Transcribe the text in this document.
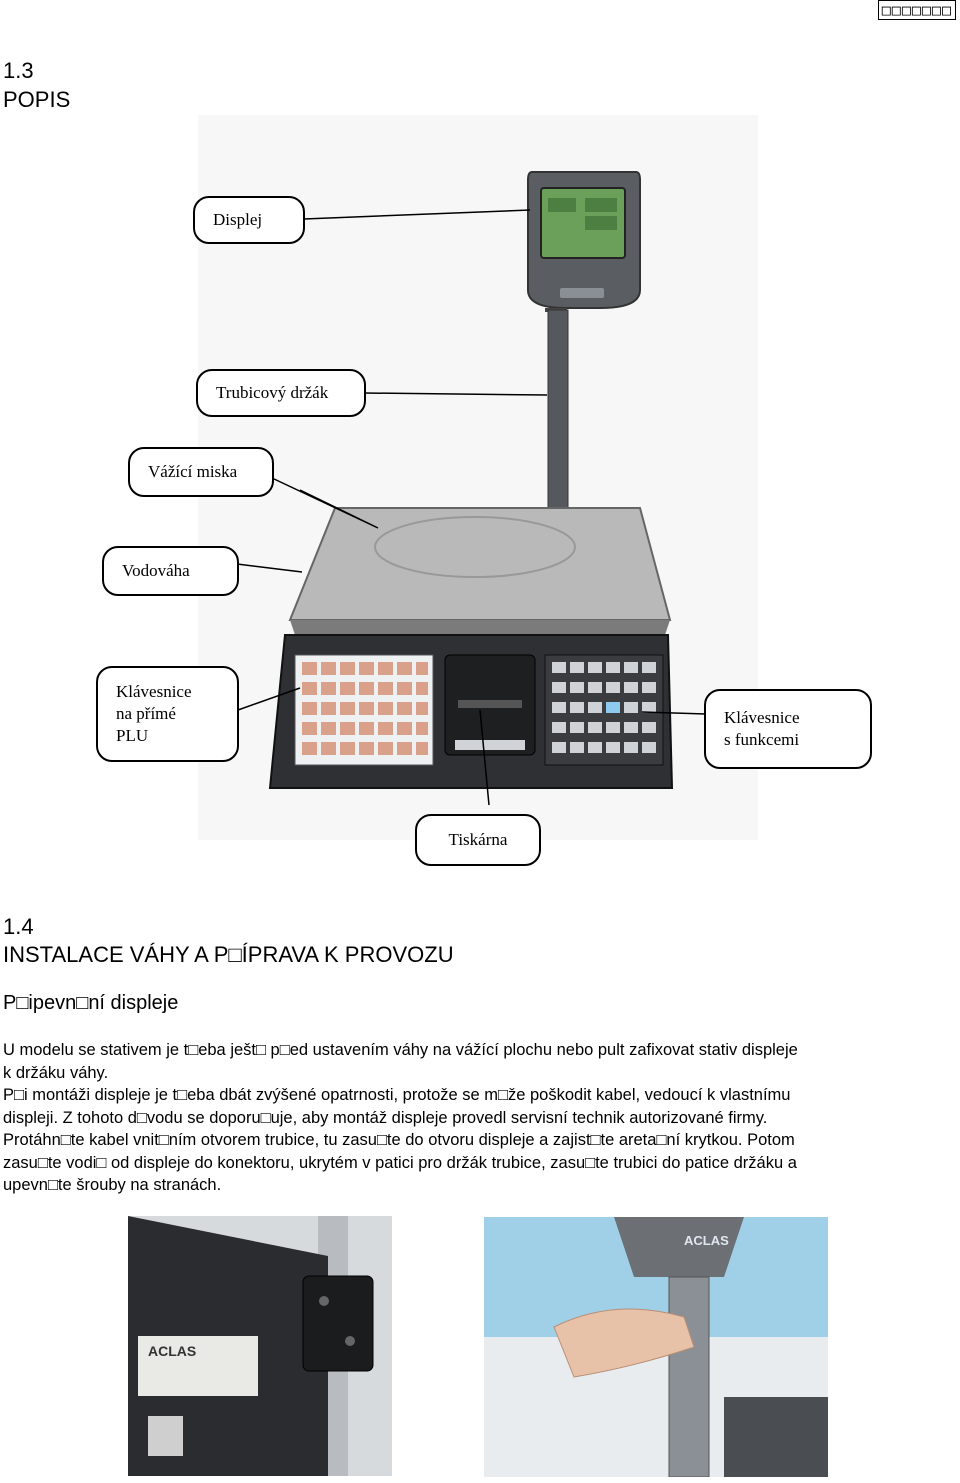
□□□□□□□
1.3
POPIS
Displej
Trubicový držák
Vážící miska
Vodováha
Klávesnice
na přímé
PLU
Klávesnice
s funkcemi
Tiskárna
1.4
INSTALACE VÁHY A P□ÍPRAVA K PROVOZU
P□ipevn□ní displeje

U modelu se stativem je t□eba ješt□ p□ed ustavením váhy na vážící plochu nebo pult zafixovat stativ displeje

k držáku váhy.

P□i montáži displeje je t□eba dbát zvýšené opatrnosti, protože se m□že poškodit kabel, vedoucí k vlastnímu

displeji. Z tohoto d□vodu se doporu□uje, aby montáž displeje provedl servisní technik autorizované firmy.

Protáhn□te kabel vnit□ním otvorem trubice, tu zasu□te do otvoru displeje a zajist□te areta□ní krytkou. Potom

zasu□te vodi□ od displeje do konektoru, ukrytém v patici pro držák trubice, zasu□te trubici do patice držáku a

upevn□te šrouby na stranách.

ACLAS
ACLAS
